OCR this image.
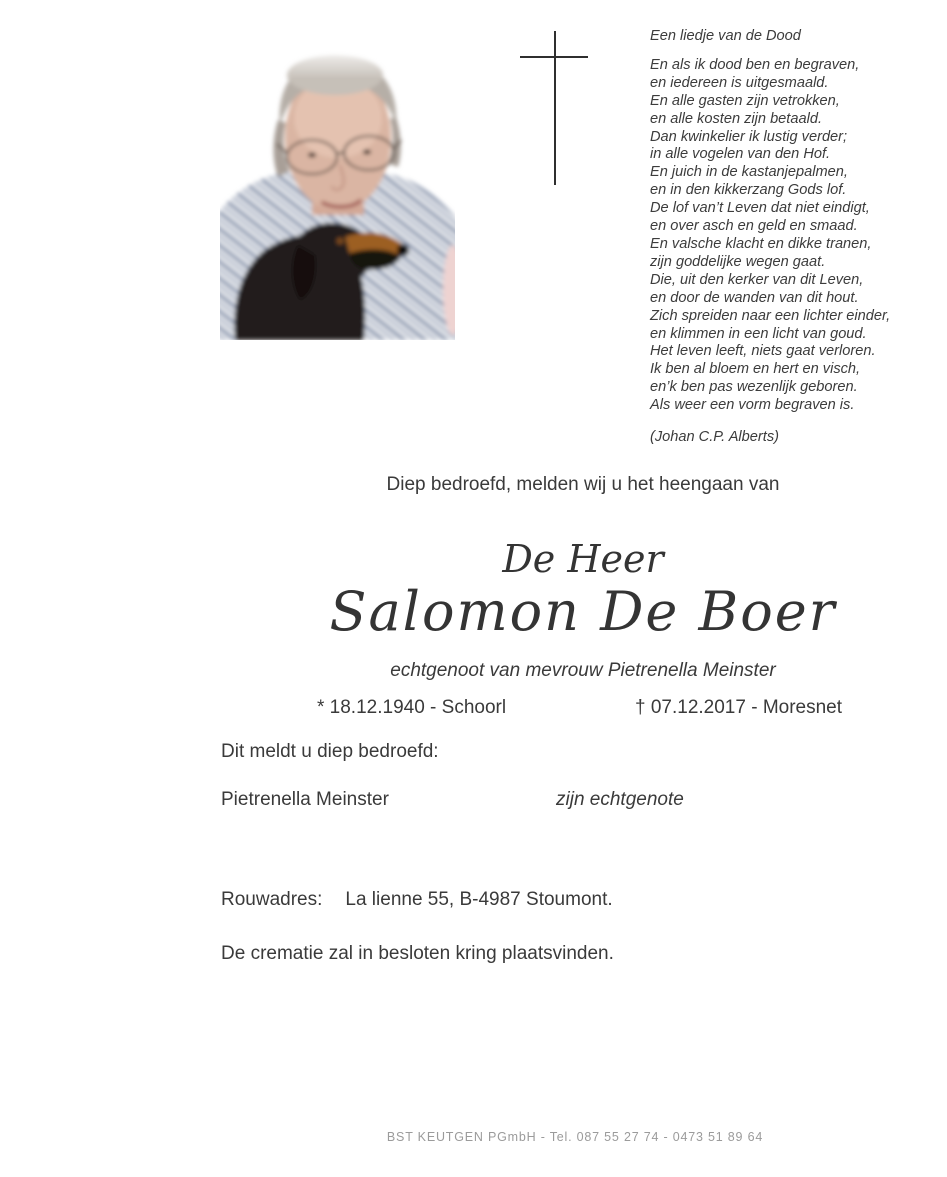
Een liedje van de Dood
En als ik dood ben en begraven,
en iedereen is uitgesmaald.
En alle gasten zijn vetrokken,
en alle kosten zijn betaald.
Dan kwinkelier ik lustig verder;
in alle vogelen van den Hof.
En juich in de kastanjepalmen,
en in den kikkerzang Gods lof.
De lof van’t Leven dat niet eindigt,
en over asch en geld en smaad.
En valsche klacht en dikke tranen,
zijn goddelijke wegen gaat.
Die, uit den kerker van dit Leven,
en door de wanden van dit hout.
Zich spreiden naar een lichter einder,
en klimmen in een licht van goud.
Het leven leeft, niets gaat verloren.
Ik ben al bloem en hert en visch,
en’k ben pas wezenlijk geboren.
Als weer een vorm begraven is.
(Johan C.P. Alberts)
Diep bedroefd, melden wij u het heengaan van
De Heer
Salomon De Boer
echtgenoot van mevrouw Pietrenella Meinster
* 18.12.1940 - Schoorl	† 07.12.2017 - Moresnet
Dit meldt u diep bedroefd:
Pietrenella Meinster	zijn echtgenote
Rouwadres: La lienne 55, B-4987 Stoumont.
De crematie zal in besloten kring plaatsvinden.
BST KEUTGEN PGmbH - Tel. 087 55 27 74 - 0473 51 89 64
